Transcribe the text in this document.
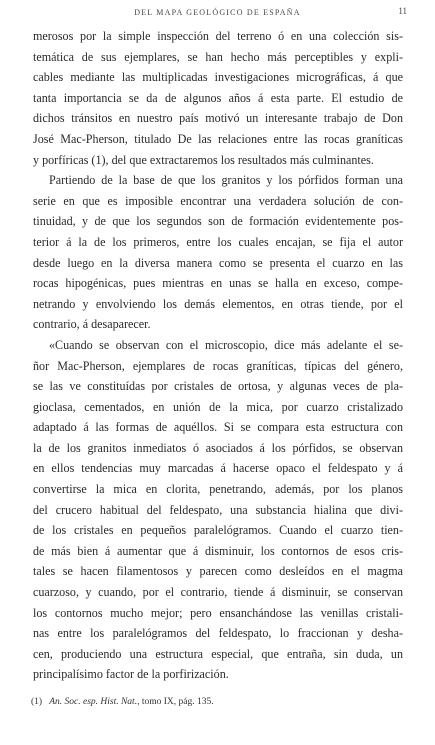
DEL MAPA GEOLÓGICO DE ESPAÑA	11
merosos por la simple inspección del terreno ó en una colección sis-
temática de sus ejemplares, se han hecho más perceptibles y expli-
cables mediante las multiplicadas investigaciones micrográficas, á que
tanta importancia se da de algunos años á esta parte. El estudio de
dichos tránsitos en nuestro país motivó un interesante trabajo de Don
José Mac-Pherson, titulado De las relaciones entre las rocas graníticas
y porfíricas (1), del que extractaremos los resultados más culminantes.
Partiendo de la base de que los granitos y los pórfidos forman una
serie en que es imposible encontrar una verdadera solución de con-
tinuidad, y de que los segundos son de formación evidentemente pos-
terior á la de los primeros, entre los cuales encajan, se fija el autor
desde luego en la diversa manera como se presenta el cuarzo en las
rocas hipogénicas, pues mientras en unas se halla en exceso, compe-
netrando y envolviendo los demás elementos, en otras tiende, por el
contrario, á desaparecer.
«Cuando se observan con el microscopio, dice más adelante el se-
ñor Mac-Pherson, ejemplares de rocas graníticas, típicas del género,
se las ve constituídas por cristales de ortosa, y algunas veces de pla-
gioclasa, cementados, en unión de la mica, por cuarzo cristalizado
adaptado á las formas de aquéllos. Si se compara esta estructura con
la de los granitos inmediatos ó asociados á los pórfidos, se observan
en ellos tendencias muy marcadas á hacerse opaco el feldespato y á
convertirse la mica en clorita, penetrando, además, por los planos
del crucero habitual del feldespato, una substancia hialina que divi-
de los cristales en pequeños paralelógramos. Cuando el cuarzo tien-
de más bien á aumentar que á disminuir, los contornos de esos cris-
tales se hacen filamentosos y parecen como desleídos en el magma
cuarzoso, y cuando, por el contrario, tiende á disminuir, se conservan
los contornos mucho mejor; pero ensanchándose las venillas cristali-
nas entre los paralelógramos del feldespato, lo fraccionan y desha-
cen, produciendo una estructura especial, que entraña, sin duda, un
principalísimo factor de la porfirización.
(1) An. Soc. esp. Hist. Nat., tomo IX, pág. 135.
